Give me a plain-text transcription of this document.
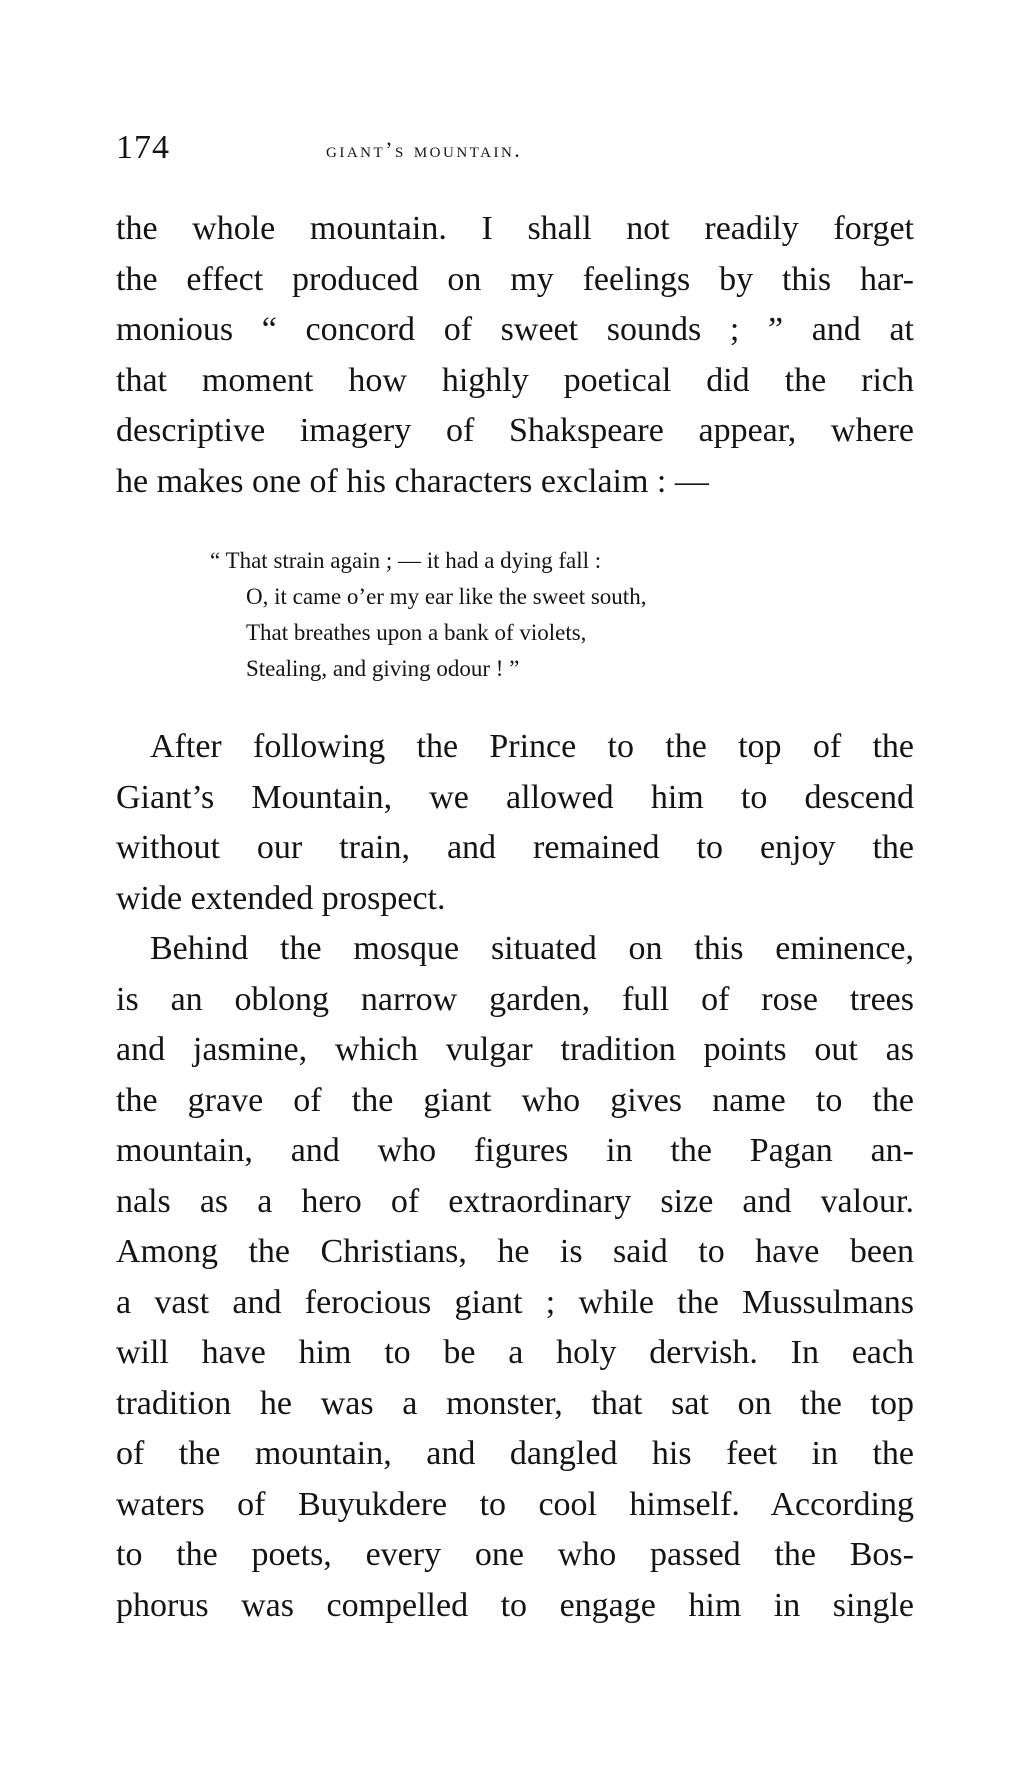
174	giant’s mountain.
the whole mountain. I shall not readily forget
the effect produced on my feelings by this har-
monious “ concord of sweet sounds ; ” and at
that moment how highly poetical did the rich
descriptive imagery of Shakspeare appear, where
he makes one of his characters exclaim : —
“ That strain again ; — it had a dying fall :
O, it came o’er my ear like the sweet south,
That breathes upon a bank of violets,
Stealing, and giving odour ! ”
After following the Prince to the top of the
Giant’s Mountain, we allowed him to descend
without our train, and remained to enjoy the
wide extended prospect.
Behind the mosque situated on this eminence,
is an oblong narrow garden, full of rose trees
and jasmine, which vulgar tradition points out as
the grave of the giant who gives name to the
mountain, and who figures in the Pagan an-
nals as a hero of extraordinary size and valour.
Among the Christians, he is said to have been
a vast and ferocious giant ; while the Mussulmans
will have him to be a holy dervish. In each
tradition he was a monster, that sat on the top
of the mountain, and dangled his feet in the
waters of Buyukdere to cool himself. According
to the poets, every one who passed the Bos-
phorus was compelled to engage him in single
